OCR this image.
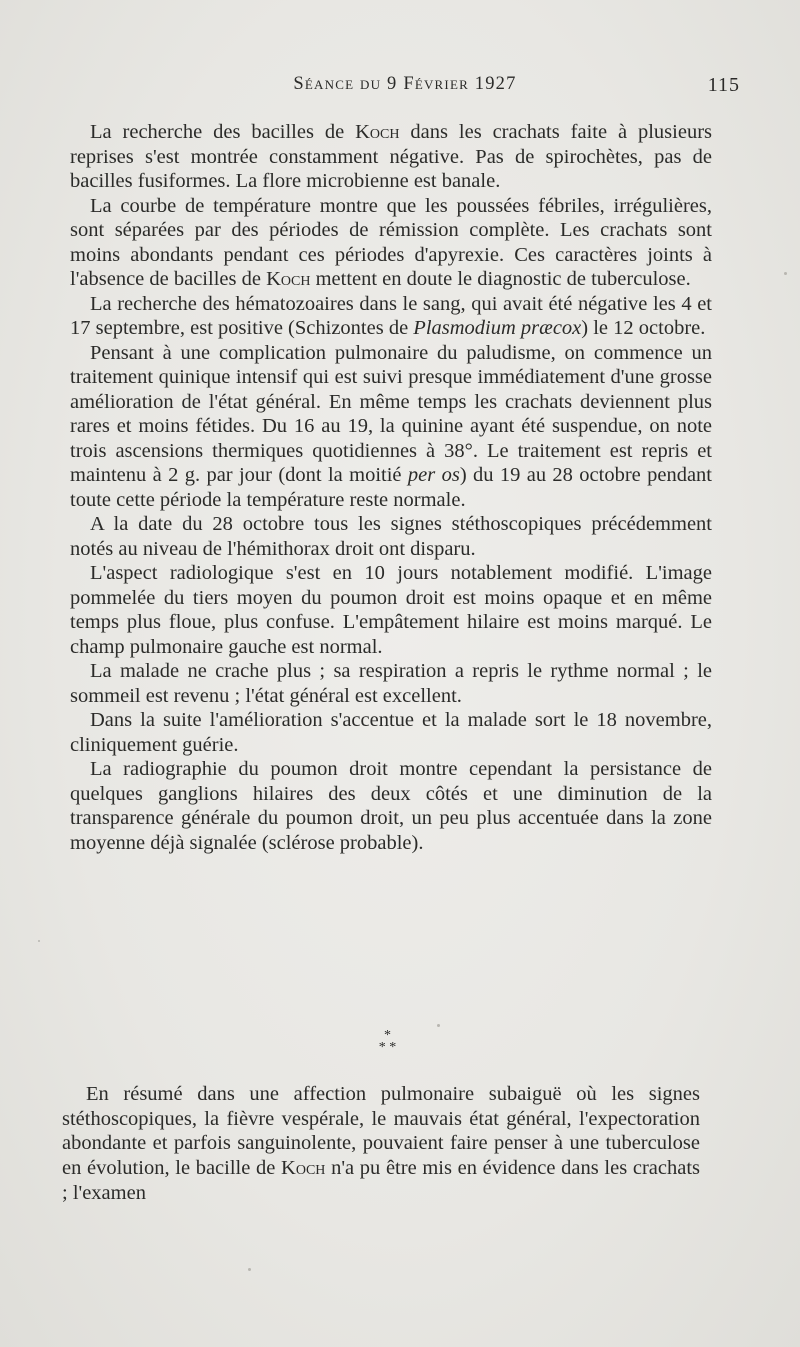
Séance du 9 Février 1927	115

La recherche des bacilles de Koch dans les crachats faite à plusieurs reprises s'est montrée constamment négative. Pas de spirochètes, pas de bacilles fusiformes. La flore microbienne est banale.

La courbe de température montre que les poussées fébriles, irrégulières, sont séparées par des périodes de rémission complète. Les crachats sont moins abondants pendant ces périodes d'apyrexie. Ces caractères joints à l'absence de bacilles de Koch mettent en doute le diagnostic de tuberculose.

La recherche des hématozoaires dans le sang, qui avait été négative les 4 et 17 septembre, est positive (Schizontes de Plasmodium præcox) le 12 octobre.

Pensant à une complication pulmonaire du paludisme, on commence un traitement quinique intensif qui est suivi presque immédiatement d'une grosse amélioration de l'état général. En même temps les crachats deviennent plus rares et moins fétides. Du 16 au 19, la quinine ayant été suspendue, on note trois ascensions thermiques quotidiennes à 38°. Le traitement est repris et maintenu à 2 g. par jour (dont la moitié per os) du 19 au 28 octobre pendant toute cette période la température reste normale.

A la date du 28 octobre tous les signes stéthoscopiques précédemment notés au niveau de l'hémithorax droit ont disparu.

L'aspect radiologique s'est en 10 jours notablement modifié. L'image pommelée du tiers moyen du poumon droit est moins opaque et en même temps plus floue, plus confuse. L'empâtement hilaire est moins marqué. Le champ pulmonaire gauche est normal.

La malade ne crache plus ; sa respiration a repris le rythme normal ; le sommeil est revenu ; l'état général est excellent.

Dans la suite l'amélioration s'accentue et la malade sort le 18 novembre, cliniquement guérie.

La radiographie du poumon droit montre cependant la persistance de quelques ganglions hilaires des deux côtés et une diminution de la transparence générale du poumon droit, un peu plus accentuée dans la zone moyenne déjà signalée (sclérose probable).

*
* *

En résumé dans une affection pulmonaire subaiguë où les signes stéthoscopiques, la fièvre vespérale, le mauvais état général, l'expectoration abondante et parfois sanguinolente, pouvaient faire penser à une tuberculose en évolution, le bacille de Koch n'a pu être mis en évidence dans les crachats ; l'examen
